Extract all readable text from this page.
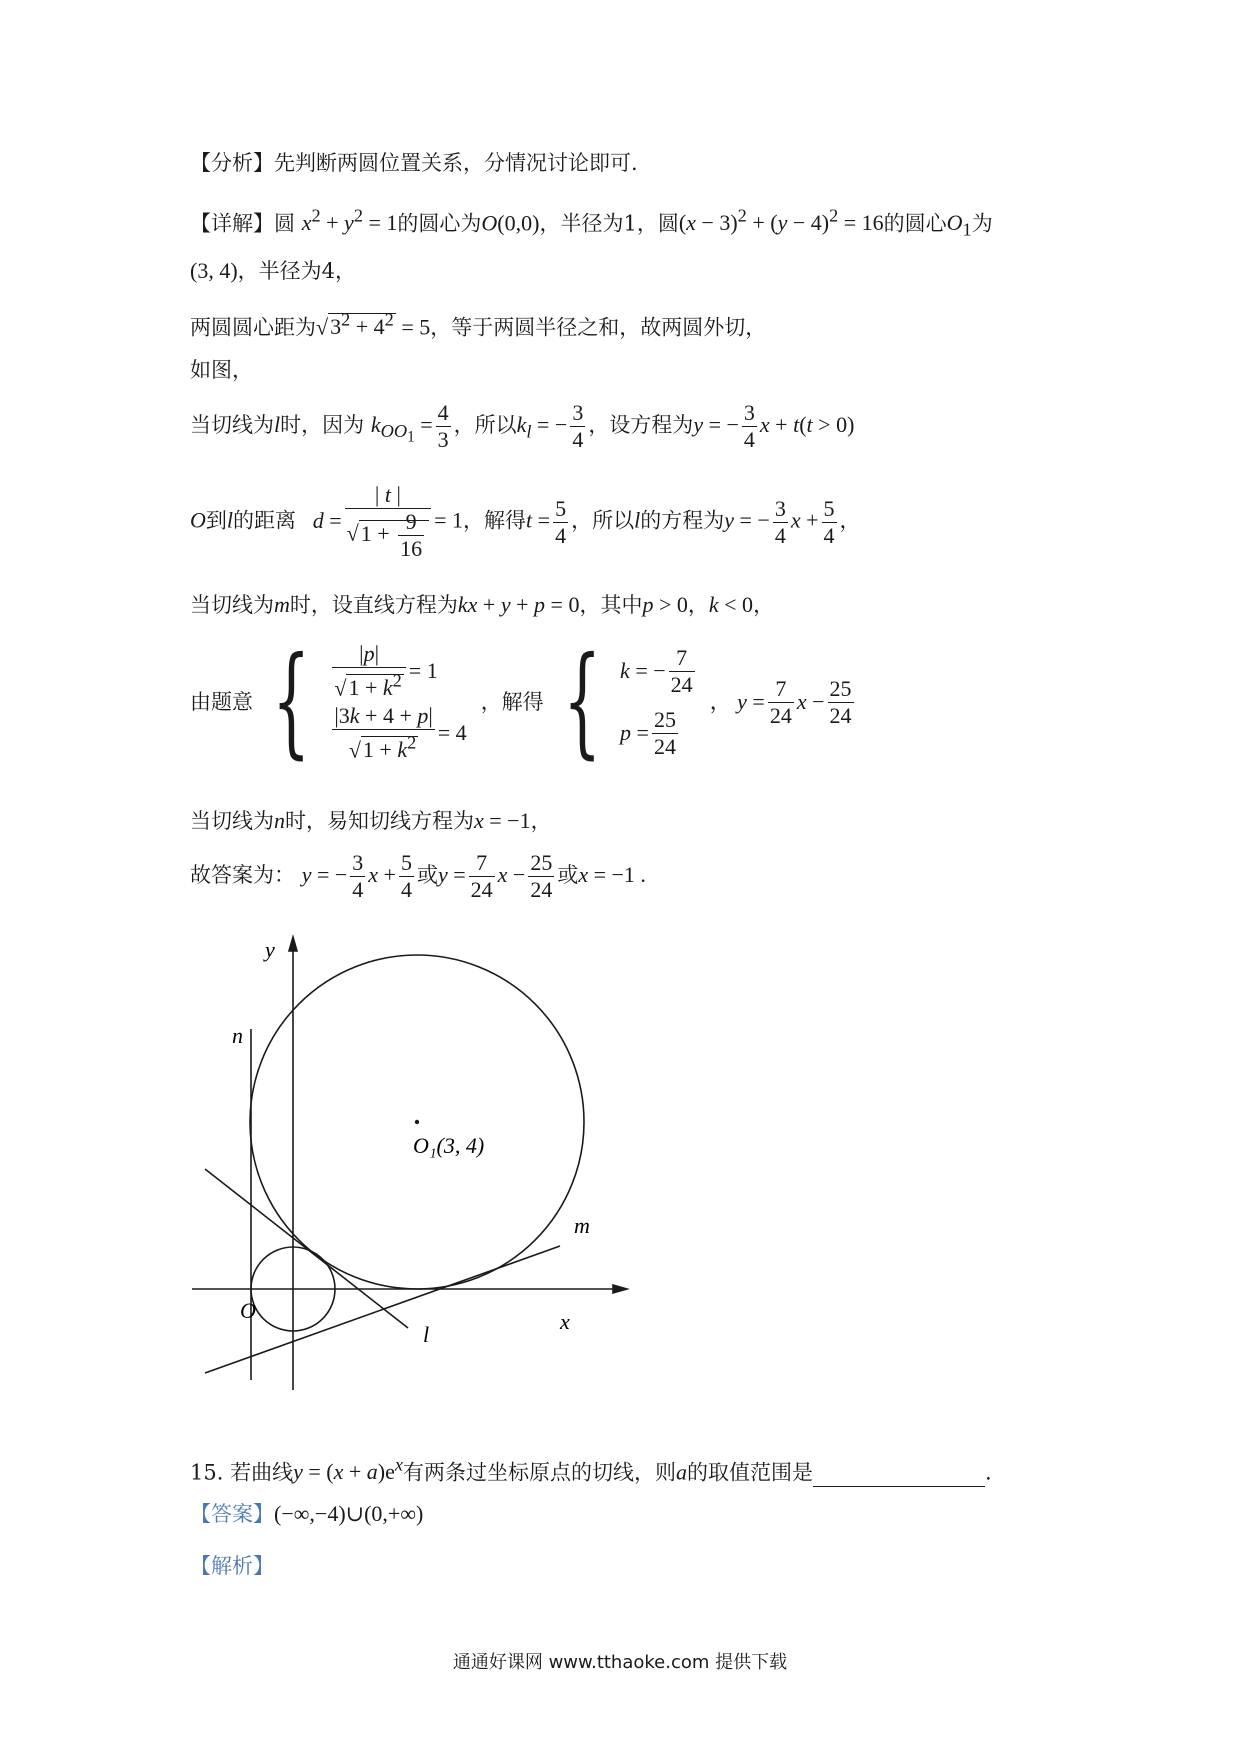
【分析】先判断两圆位置关系，分情况讨论即可.
【详解】圆 $x^2 + y^2 = 1$的圆心为O(0,0)，半径为1，圆$(x - 3)^2 + (y - 4)^2 = 16$的圆心$O_1$为
(3, 4)，半径为4，
两圆圆心距为$√3^2 + 4^2 = 5$，等于两圆半径之和，故两圆外切，
如图，
当切线为l时，因为 $k_{OO_1} = \frac{4}{3}$ ，所以$k_l$ = − $\frac{3}{4}$ ，设方程为y = − $\frac{3}{4}$ x + t(t > 0)
O到l的距离 $d = \frac{| t |}{√1 + \frac{9}{16}} = 1$，解得$t = \frac{5}{4}$ ，所以l的方程为y = − $\frac{3}{4}$ $x + \frac{5}{4}$ ，
当切线为m时，设直线方程为kx + y + p = 0，其中p > 0，k < 0，
由题意 { $\frac{|p|}{√1 + k^2} = 1$
$\frac{|3k + 4 + p|}{√1 + k^2} = 4$
，解得 { k = − $\frac{7}{24}$
$p = \frac{25}{24}$
， $y = \frac{7}{24}$ $x - \frac{25}{24}$
当切线为n时，易知切线方程为x = −1，
故答案为： y = − $\frac{3}{4}$ $x + \frac{5}{4}$ 或$y = \frac{7}{24}$ $x - \frac{25}{24}$ 或x = −1 .
y
x
O
O₁(3, 4)
l
m
n
15. 若曲线$y = (x + a)e^x$有两条过坐标原点的切线，则a的取值范围是	.
【答案】(−∞,−4)∪(0,+∞)
【解析】
通通好课网 www.tthaoke.com 提供下载
